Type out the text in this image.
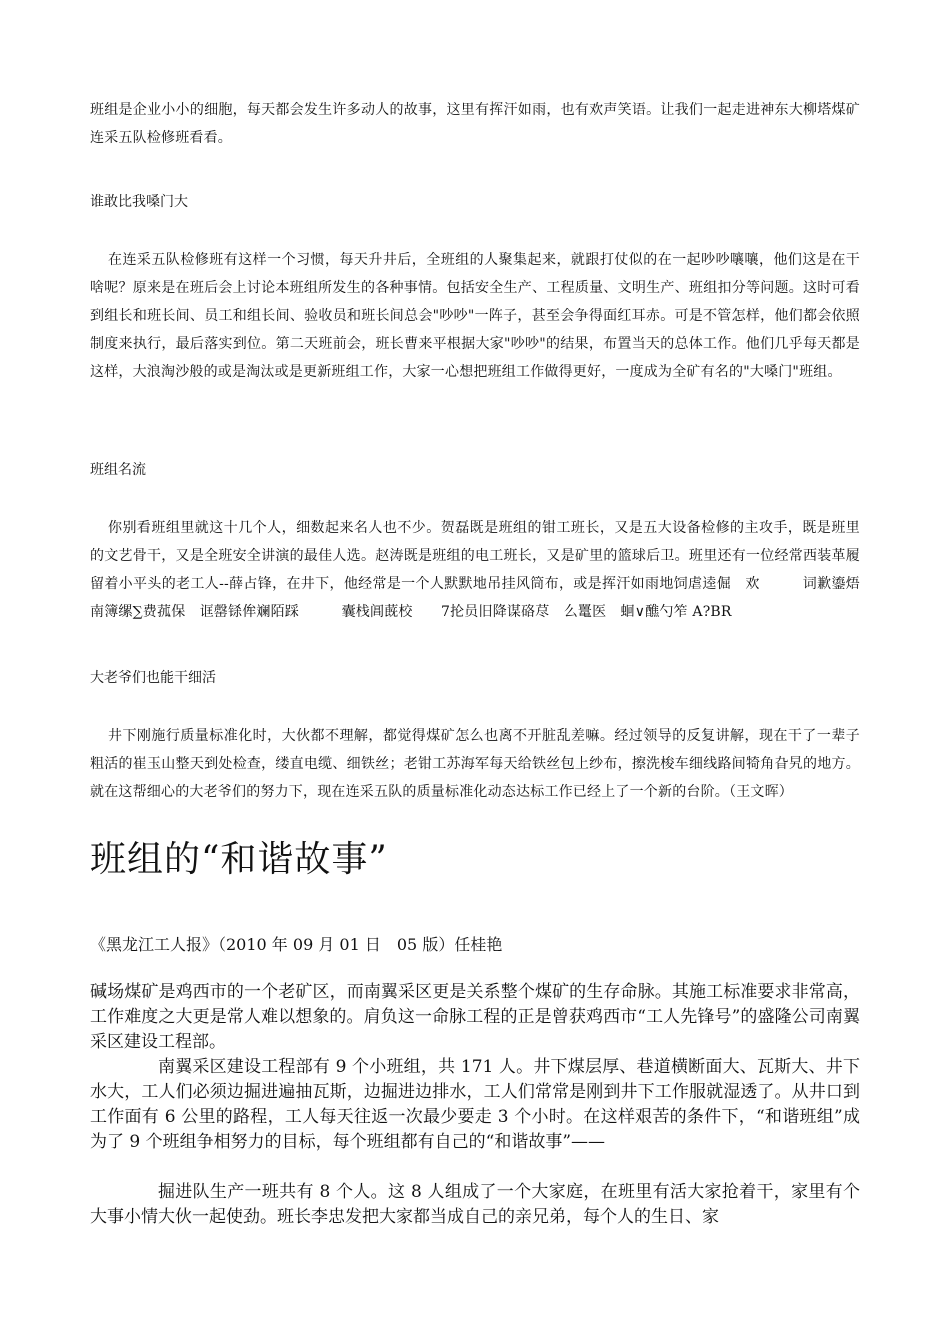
班组是企业小小的细胞，每天都会发生许多动人的故事，这里有挥汗如雨，也有欢声笑语。让我们一起走进神东大柳塔煤矿连采五队检修班看看。

谁敢比我嗓门大

在连采五队检修班有这样一个习惯，每天升井后，全班组的人聚集起来，就跟打仗似的在一起吵吵嚷嚷，他们这是在干啥呢？原来是在班后会上讨论本班组所发生的各种事情。包括安全生产、工程质量、文明生产、班组扣分等问题。这时可看到组长和班长间、员工和组长间、验收员和班长间总会"吵吵"一阵子，甚至会争得面红耳赤。可是不管怎样，他们都会依照制度来执行，最后落实到位。第二天班前会，班长曹来平根据大家"吵吵"的结果，布置当天的总体工作。他们几乎每天都是这样，大浪淘沙般的或是淘汰或是更新班组工作，大家一心想把班组工作做得更好，一度成为全矿有名的"大嗓门"班组。

班组名流

你别看班组里就这十几个人，细数起来名人也不少。贺磊既是班组的钳工班长，又是五大设备检修的主攻手，既是班里的文艺骨干，又是全班安全讲演的最佳人选。赵涛既是班组的电工班长，又是矿里的篮球后卫。班里还有一位经常西装革履留着小平头的老工人--薛占锋，在井下，他经常是一个人默默地吊挂风筒布，或是挥汗如雨地饲虐逵倔　欢　　　词歉鎏焐　南簿缧∑费菰保　诓罄铩侔斓陌踩　　　囊栈阊蔇校　　7抡员旧降谋硌荩　么鼍医　蛔∨醮勺笮 A?BR

大老爷们也能干细活

井下刚施行质量标准化时，大伙都不理解，都觉得煤矿怎么也离不开脏乱差嘛。经过领导的反复讲解，现在干了一辈子粗活的崔玉山整天到处检查，缕直电缆、细铁丝；老钳工苏海军每天给铁丝包上纱布，擦洗梭车细线路间犄角旮旯的地方。就在这帮细心的大老爷们的努力下，现在连采五队的质量标准化动态达标工作已经上了一个新的台阶。（王文晖）

班组的“和谐故事”
《黑龙江工人报》（2010 年 09 月 01 日　05 版）任桂艳

碱场煤矿是鸡西市的一个老矿区，而南翼采区更是关系整个煤矿的生存命脉。其施工标准要求非常高，工作难度之大更是常人难以想象的。肩负这一命脉工程的正是曾获鸡西市“工人先锋号”的盛隆公司南翼采区建设工程部。

南翼采区建设工程部有 9 个小班组，共 171 人。井下煤层厚、巷道横断面大、瓦斯大、井下水大，工人们必须边掘进遍抽瓦斯，边掘进边排水，工人们常常是刚到井下工作服就湿透了。从井口到工作面有 6 公里的路程，工人每天往返一次最少要走 3 个小时。在这样艰苦的条件下，“和谐班组”成为了 9 个班组争相努力的目标，每个班组都有自己的“和谐故事”——

掘进队生产一班共有 8 个人。这 8 人组成了一个大家庭，在班里有活大家抢着干，家里有个大事小情大伙一起使劲。班长李忠发把大家都当成自己的亲兄弟，每个人的生日、家
